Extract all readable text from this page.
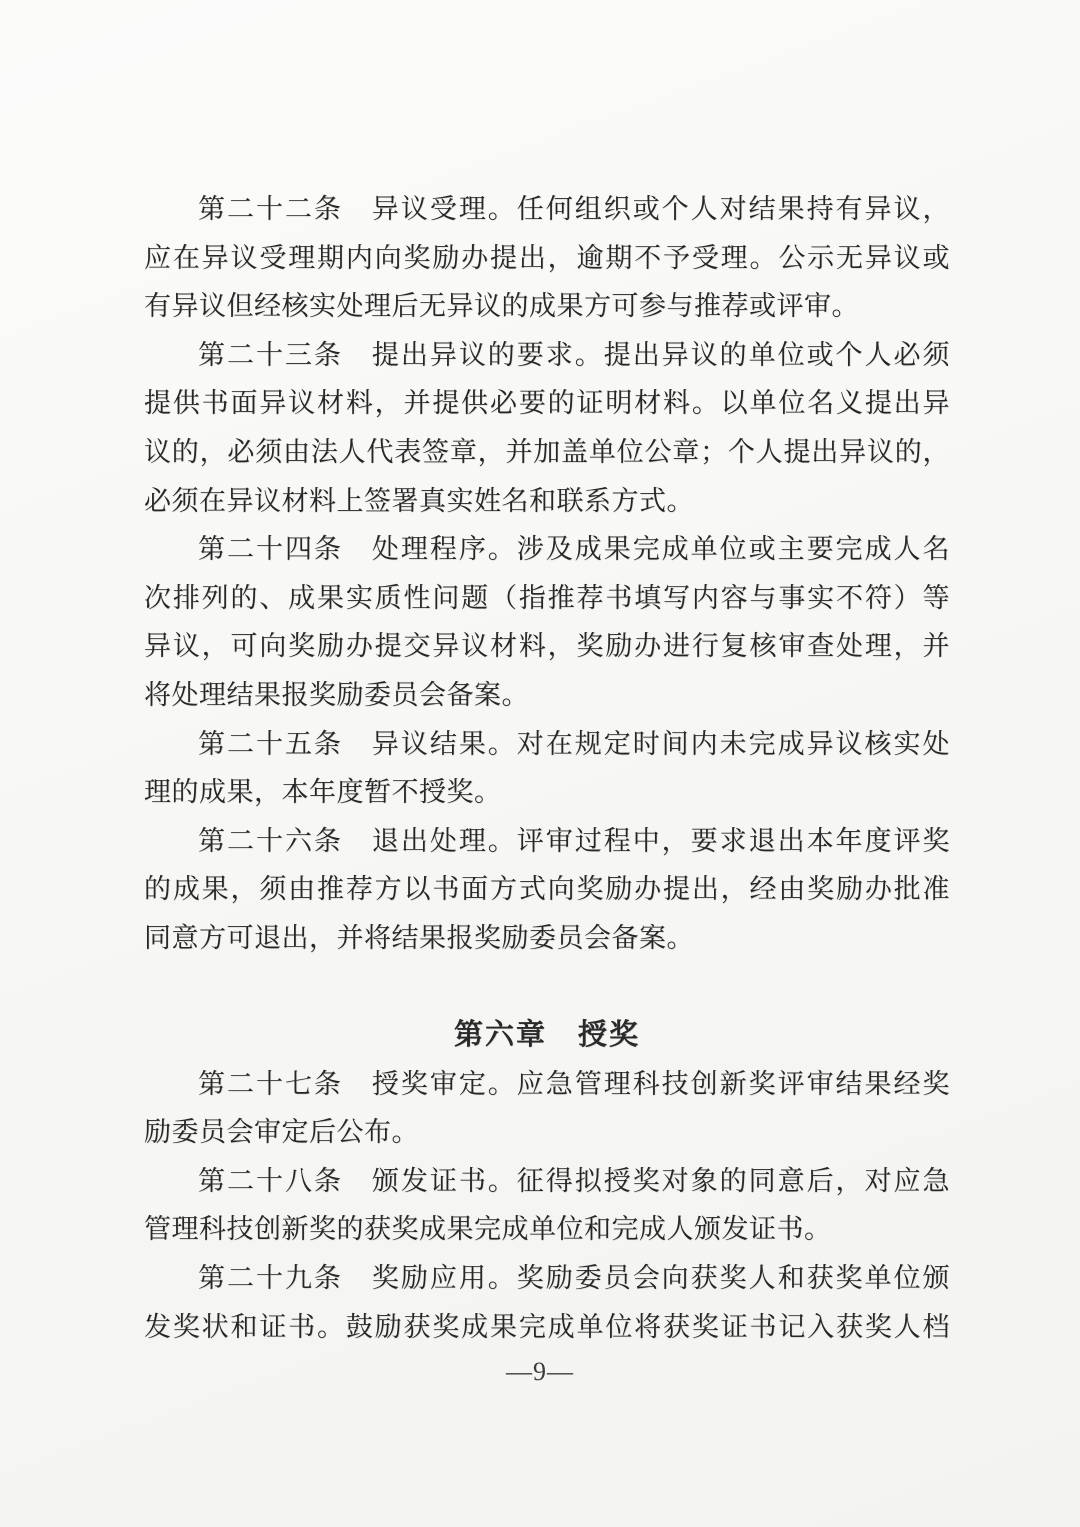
第二十二条　异议受理。任何组织或个人对结果持有异议，
应在异议受理期内向奖励办提出，逾期不予受理。公示无异议或
有异议但经核实处理后无异议的成果方可参与推荐或评审。

第二十三条　提出异议的要求。提出异议的单位或个人必须
提供书面异议材料，并提供必要的证明材料。以单位名义提出异
议的，必须由法人代表签章，并加盖单位公章；个人提出异议的，
必须在异议材料上签署真实姓名和联系方式。

第二十四条　处理程序。涉及成果完成单位或主要完成人名
次排列的、成果实质性问题（指推荐书填写内容与事实不符）等
异议，可向奖励办提交异议材料，奖励办进行复核审查处理，并
将处理结果报奖励委员会备案。

第二十五条　异议结果。对在规定时间内未完成异议核实处
理的成果，本年度暂不授奖。

第二十六条　退出处理。评审过程中，要求退出本年度评奖
的成果，须由推荐方以书面方式向奖励办提出，经由奖励办批准
同意方可退出，并将结果报奖励委员会备案。

第六章　授奖

第二十七条　授奖审定。应急管理科技创新奖评审结果经奖
励委员会审定后公布。

第二十八条　颁发证书。征得拟授奖对象的同意后，对应急
管理科技创新奖的获奖成果完成单位和完成人颁发证书。

第二十九条　奖励应用。奖励委员会向获奖人和获奖单位颁
发奖状和证书。鼓励获奖成果完成单位将获奖证书记入获奖人档

—9—
